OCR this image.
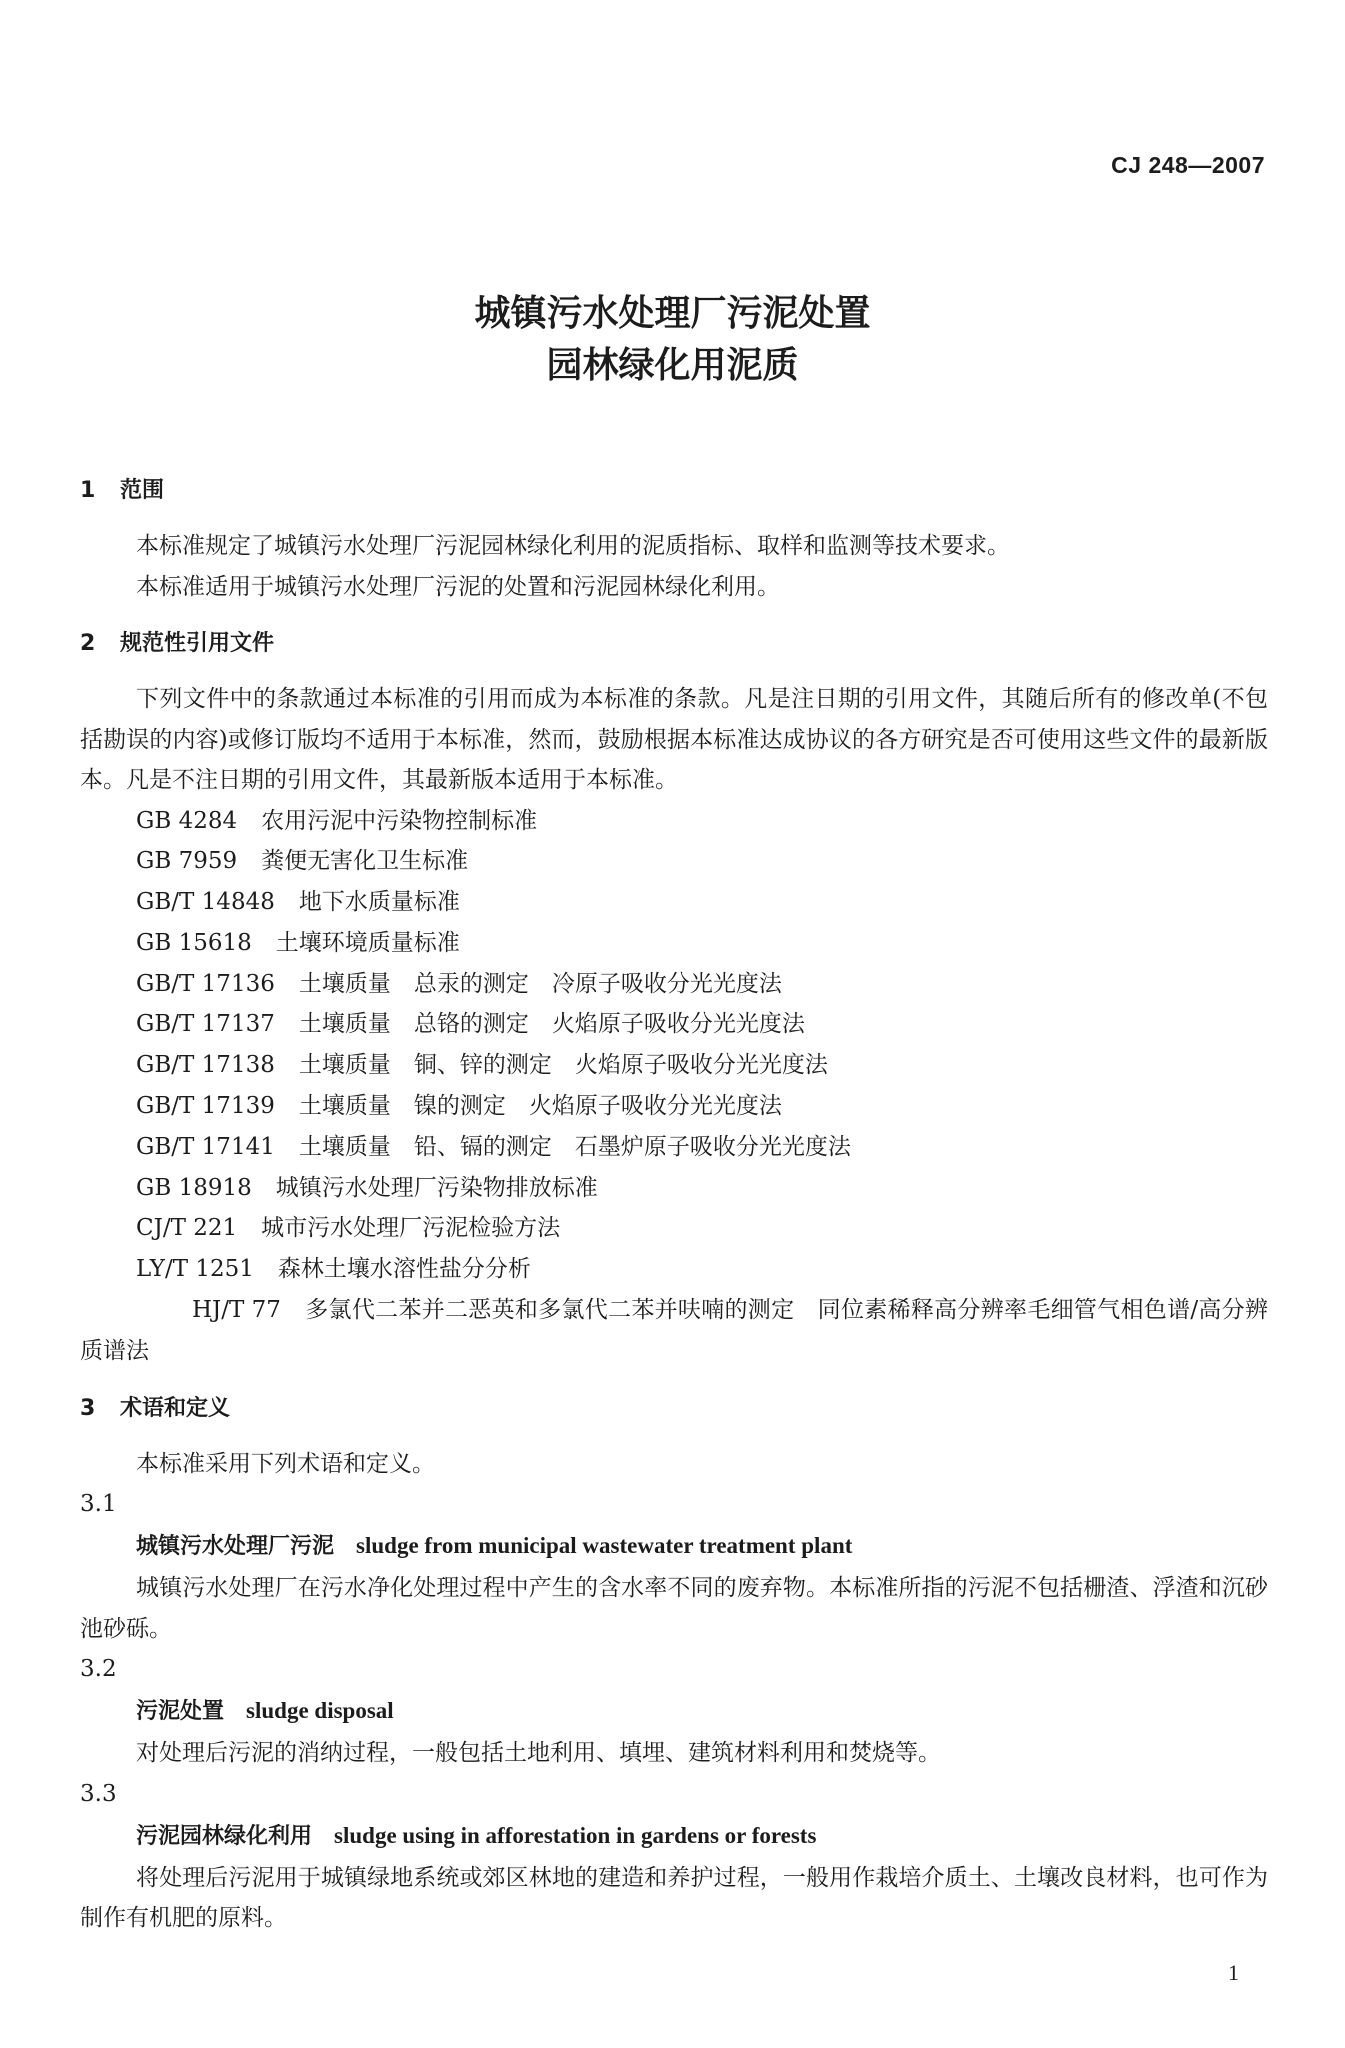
CJ 248—2007
城镇污水处理厂污泥处置
园林绿化用泥质
1 范围

本标准规定了城镇污水处理厂污泥园林绿化利用的泥质指标、取样和监测等技术要求。

本标准适用于城镇污水处理厂污泥的处置和污泥园林绿化利用。

2 规范性引用文件

下列文件中的条款通过本标准的引用而成为本标准的条款。凡是注日期的引用文件，其随后所有的修改单(不包括勘误的内容)或修订版均不适用于本标准，然而，鼓励根据本标准达成协议的各方研究是否可使用这些文件的最新版本。凡是不注日期的引用文件，其最新版本适用于本标准。

GB 4284 农用污泥中污染物控制标准
GB 7959 粪便无害化卫生标准
GB/T 14848 地下水质量标准
GB 15618 土壤环境质量标准
GB/T 17136 土壤质量　总汞的测定　冷原子吸收分光光度法
GB/T 17137 土壤质量　总铬的测定　火焰原子吸收分光光度法
GB/T 17138 土壤质量　铜、锌的测定　火焰原子吸收分光光度法
GB/T 17139 土壤质量　镍的测定　火焰原子吸收分光光度法
GB/T 17141 土壤质量　铅、镉的测定　石墨炉原子吸收分光光度法
GB 18918 城镇污水处理厂污染物排放标准
CJ/T 221 城市污水处理厂污泥检验方法
LY/T 1251 森林土壤水溶性盐分分析
HJ/T 77 多氯代二苯并二恶英和多氯代二苯并呋喃的测定　同位素稀释高分辨率毛细管气相色谱/高分辨质谱法
3 术语和定义

本标准采用下列术语和定义。

3.1
城镇污水处理厂污泥 sludge from municipal wastewater treatment plant

城镇污水处理厂在污水净化处理过程中产生的含水率不同的废弃物。本标准所指的污泥不包括栅渣、浮渣和沉砂池砂砾。

3.2
污泥处置 sludge disposal

对处理后污泥的消纳过程，一般包括土地利用、填埋、建筑材料利用和焚烧等。

3.3
污泥园林绿化利用 sludge using in afforestation in gardens or forests

将处理后污泥用于城镇绿地系统或郊区林地的建造和养护过程，一般用作栽培介质土、土壤改良材料，也可作为制作有机肥的原料。

1
